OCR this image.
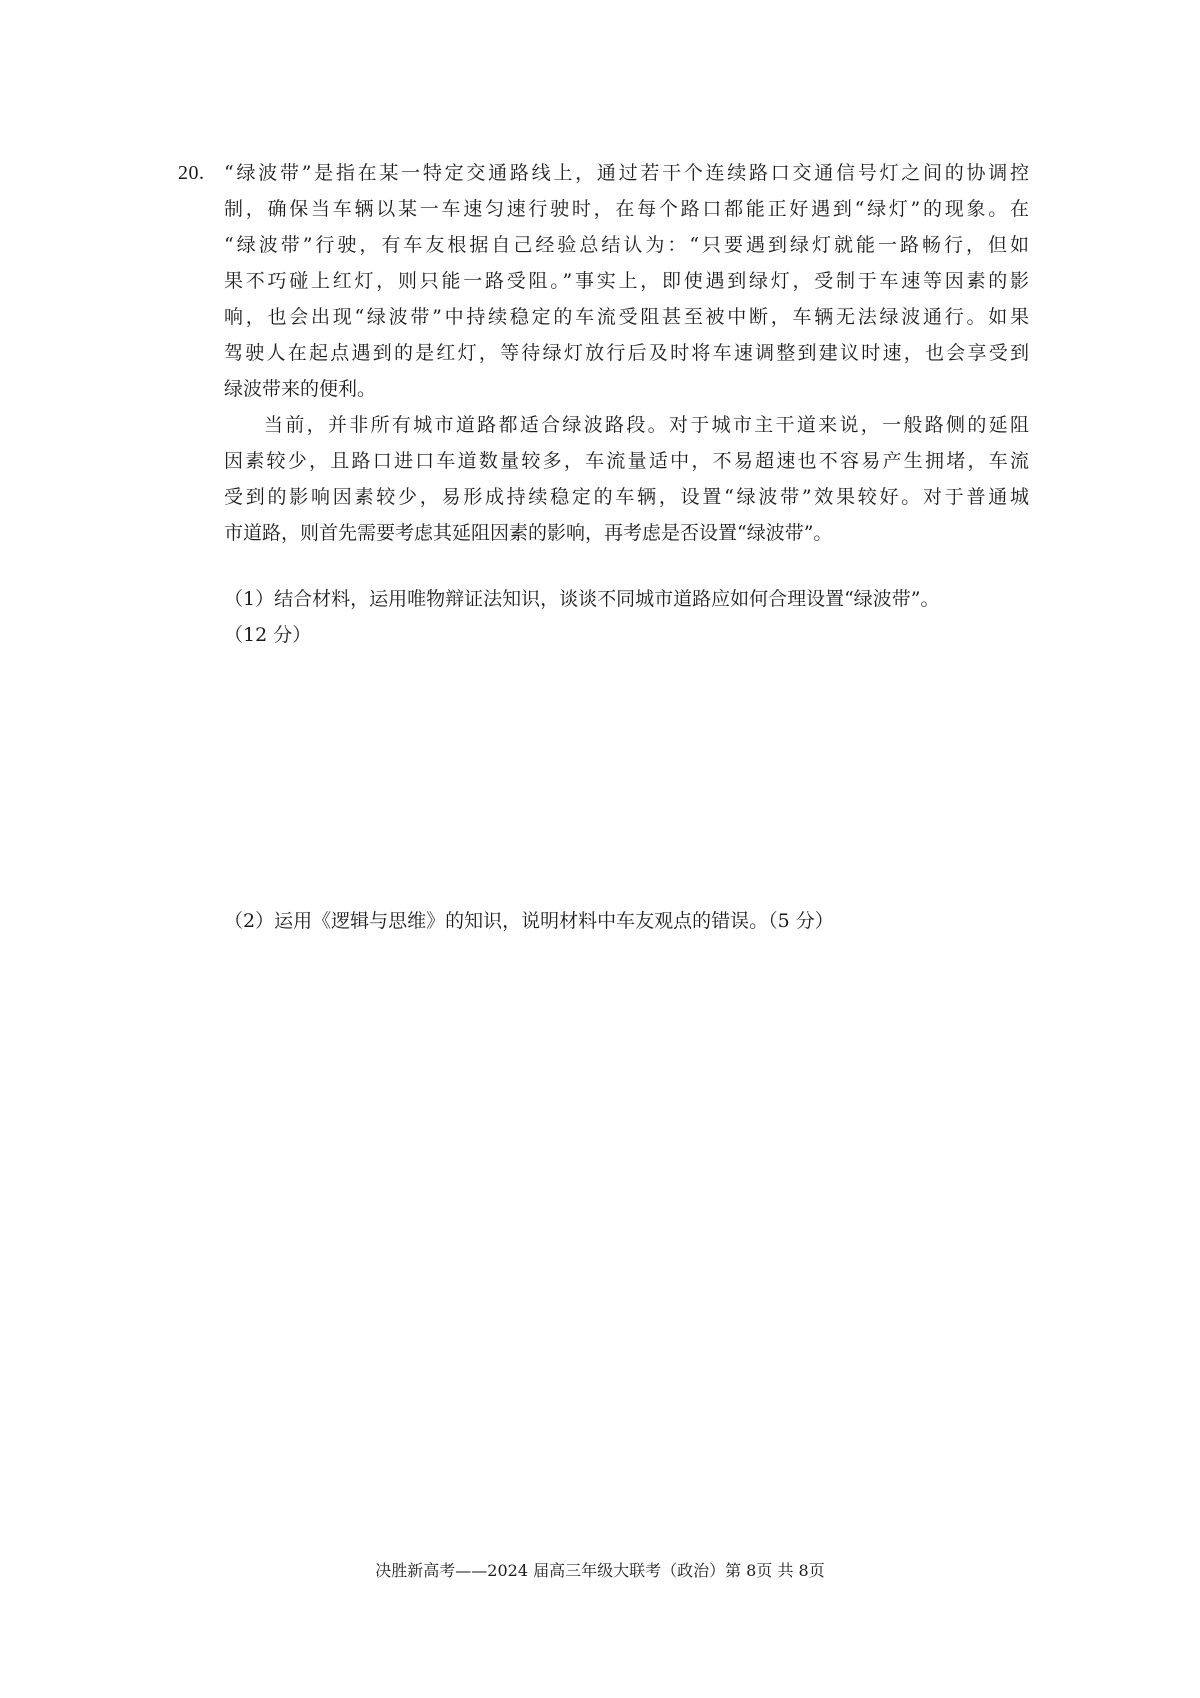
20. “绿波带”是指在某一特定交通路线上，通过若干个连续路口交通信号灯之间的协调控
制，确保当车辆以某一车速匀速行驶时，在每个路口都能正好遇到“绿灯”的现象。在
“绿波带”行驶，有车友根据自己经验总结认为：“只要遇到绿灯就能一路畅行，但如
果不巧碰上红灯，则只能一路受阻。”事实上，即使遇到绿灯，受制于车速等因素的影
响，也会出现“绿波带”中持续稳定的车流受阻甚至被中断，车辆无法绿波通行。如果
驾驶人在起点遇到的是红灯，等待绿灯放行后及时将车速调整到建议时速，也会享受到
绿波带来的便利。
当前，并非所有城市道路都适合绿波路段。对于城市主干道来说，一般路侧的延阻
因素较少，且路口进口车道数量较多，车流量适中，不易超速也不容易产生拥堵，车流
受到的影响因素较少，易形成持续稳定的车辆，设置“绿波带”效果较好。对于普通城
市道路，则首先需要考虑其延阻因素的影响，再考虑是否设置“绿波带”。
（1）结合材料，运用唯物辩证法知识，谈谈不同城市道路应如何合理设置“绿波带”。
（12 分）
（2）运用《逻辑与思维》的知识，说明材料中车友观点的错误。（5 分）
决胜新高考——2024 届高三年级大联考（政治）第 8页 共 8页
